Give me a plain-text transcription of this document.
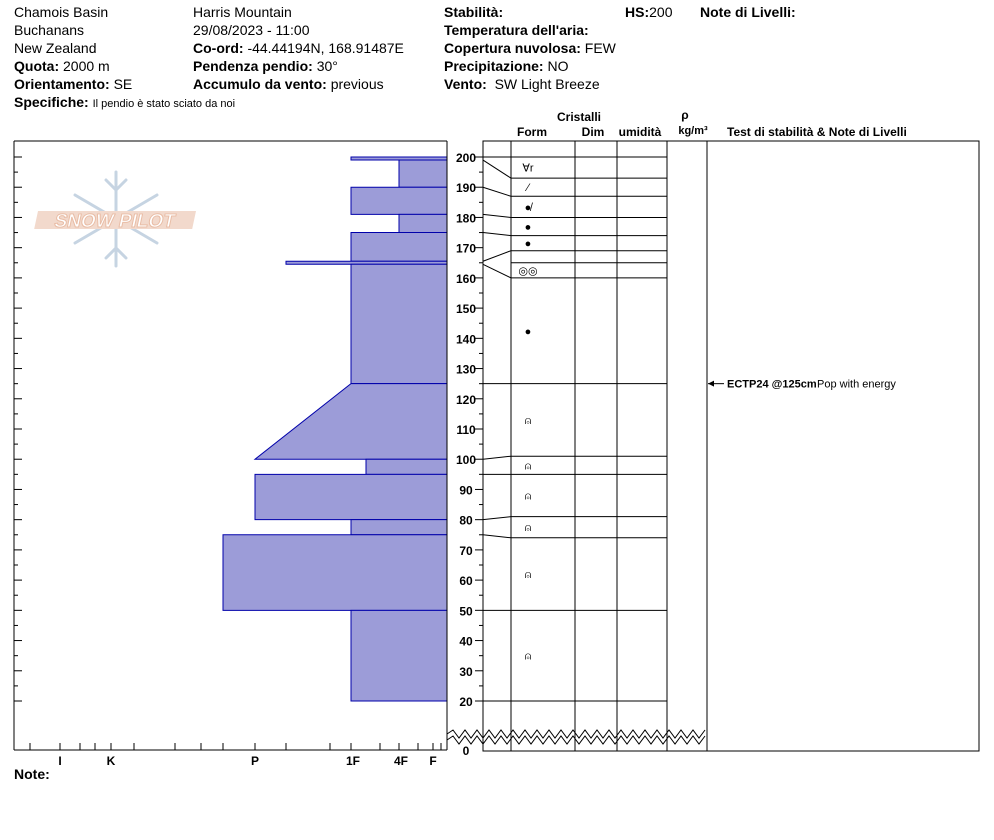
Chamois Basin
Buchanans
New Zealand
Quota: 2000 m
Orientamento: SE
Specifiche: Il pendio è stato sciato da noi
Harris Mountain
29/08/2023 - 11:00
Co-ord: -44.44194N, 168.91487E
Pendenza pendio: 30°
Accumulo da vento: previous
Stabilità:
Temperatura dell'aria:
Copertura nuvolosa: FEW
Precipitazione: NO
Vento: SW Light Breeze
HS:200 Note di Livelli:
Note:
Cristalli
Form	Dim umidità
ρ
kg/m³ Test di stabilità & Note di Livelli
SNOW PILOT
0
20
30
40
50
60
70
80
90
100
110
120
130
140
150
160
170
180
190
200
I	K	P	1F	4F F
∀r
⁄
●̸
●
●
◎◎
●
⍝
⍝
⍝
⍝
⍝
⍝
ECTP24 @125cm Pop with energy
